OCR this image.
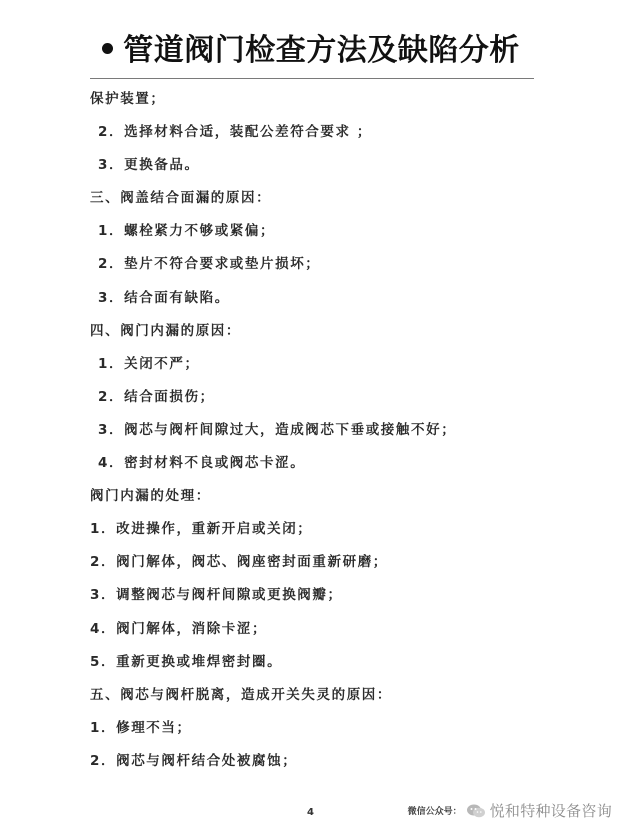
管道阀门检查方法及缺陷分析
保护装置；
2．选择材料合适，装配公差符合要求 ；
3．更换备品。
三、阀盖结合面漏的原因：
1．螺栓紧力不够或紧偏；
2．垫片不符合要求或垫片损坏；
3．结合面有缺陷。
四、阀门内漏的原因：
1．关闭不严；
2．结合面损伤；
3．阀芯与阀杆间隙过大，造成阀芯下垂或接触不好；
4．密封材料不良或阀芯卡涩。
阀门内漏的处理：
1．改进操作，重新开启或关闭；
2．阀门解体，阀芯、阀座密封面重新研磨；
3．调整阀芯与阀杆间隙或更换阀瓣；
4．阀门解体，消除卡涩；
5．重新更换或堆焊密封圈。
五、阀芯与阀杆脱离，造成开关失灵的原因：
1．修理不当；
2．阀芯与阀杆结合处被腐蚀；
4	微信公众号： 悦和特种设备咨询
